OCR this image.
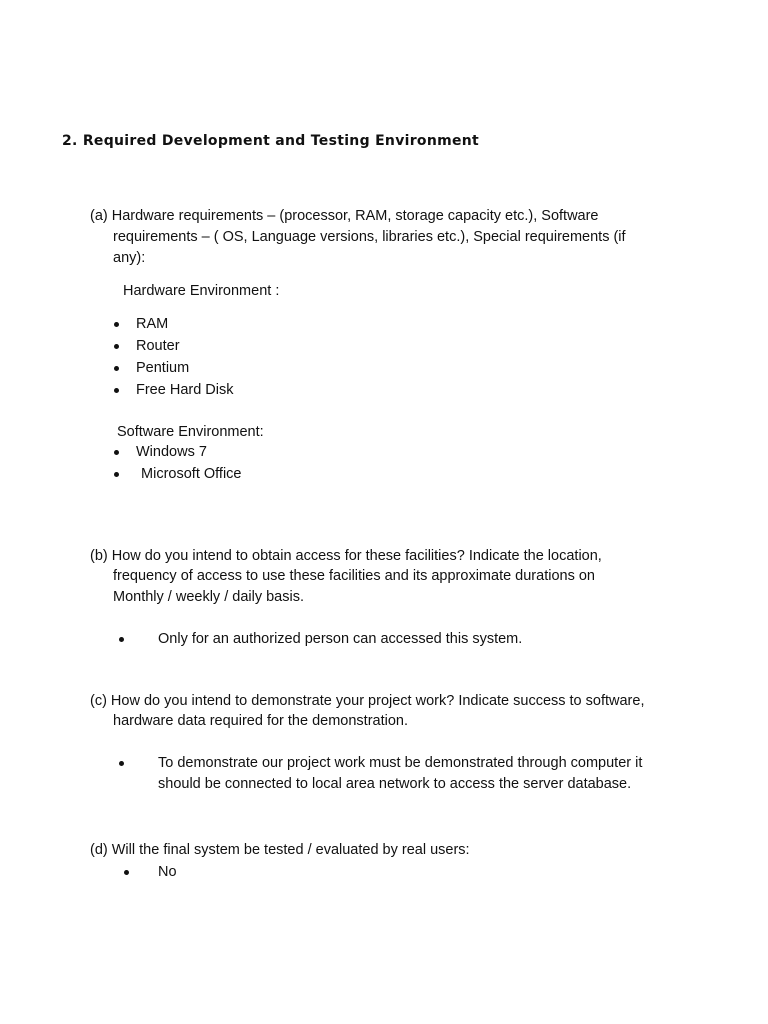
2. Required Development and Testing Environment
(a) Hardware requirements – (processor, RAM, storage capacity etc.), Software
requirements – ( OS, Language versions, libraries etc.), Special requirements (if
any):
Hardware Environment :
RAM
Router
Pentium
Free Hard Disk
Software Environment:
Windows 7
Microsoft Office
(b) How do you intend to obtain access for these facilities? Indicate the location,
frequency of access to use these facilities and its approximate durations on
Monthly / weekly / daily basis.
Only for an authorized person can accessed this system.
(c) How do you intend to demonstrate your project work? Indicate success to software,
hardware data required for the demonstration.
To demonstrate our project work must be demonstrated through computer it
should be connected to local area network to access the server database.
(d) Will the final system be tested / evaluated by real users:
No
